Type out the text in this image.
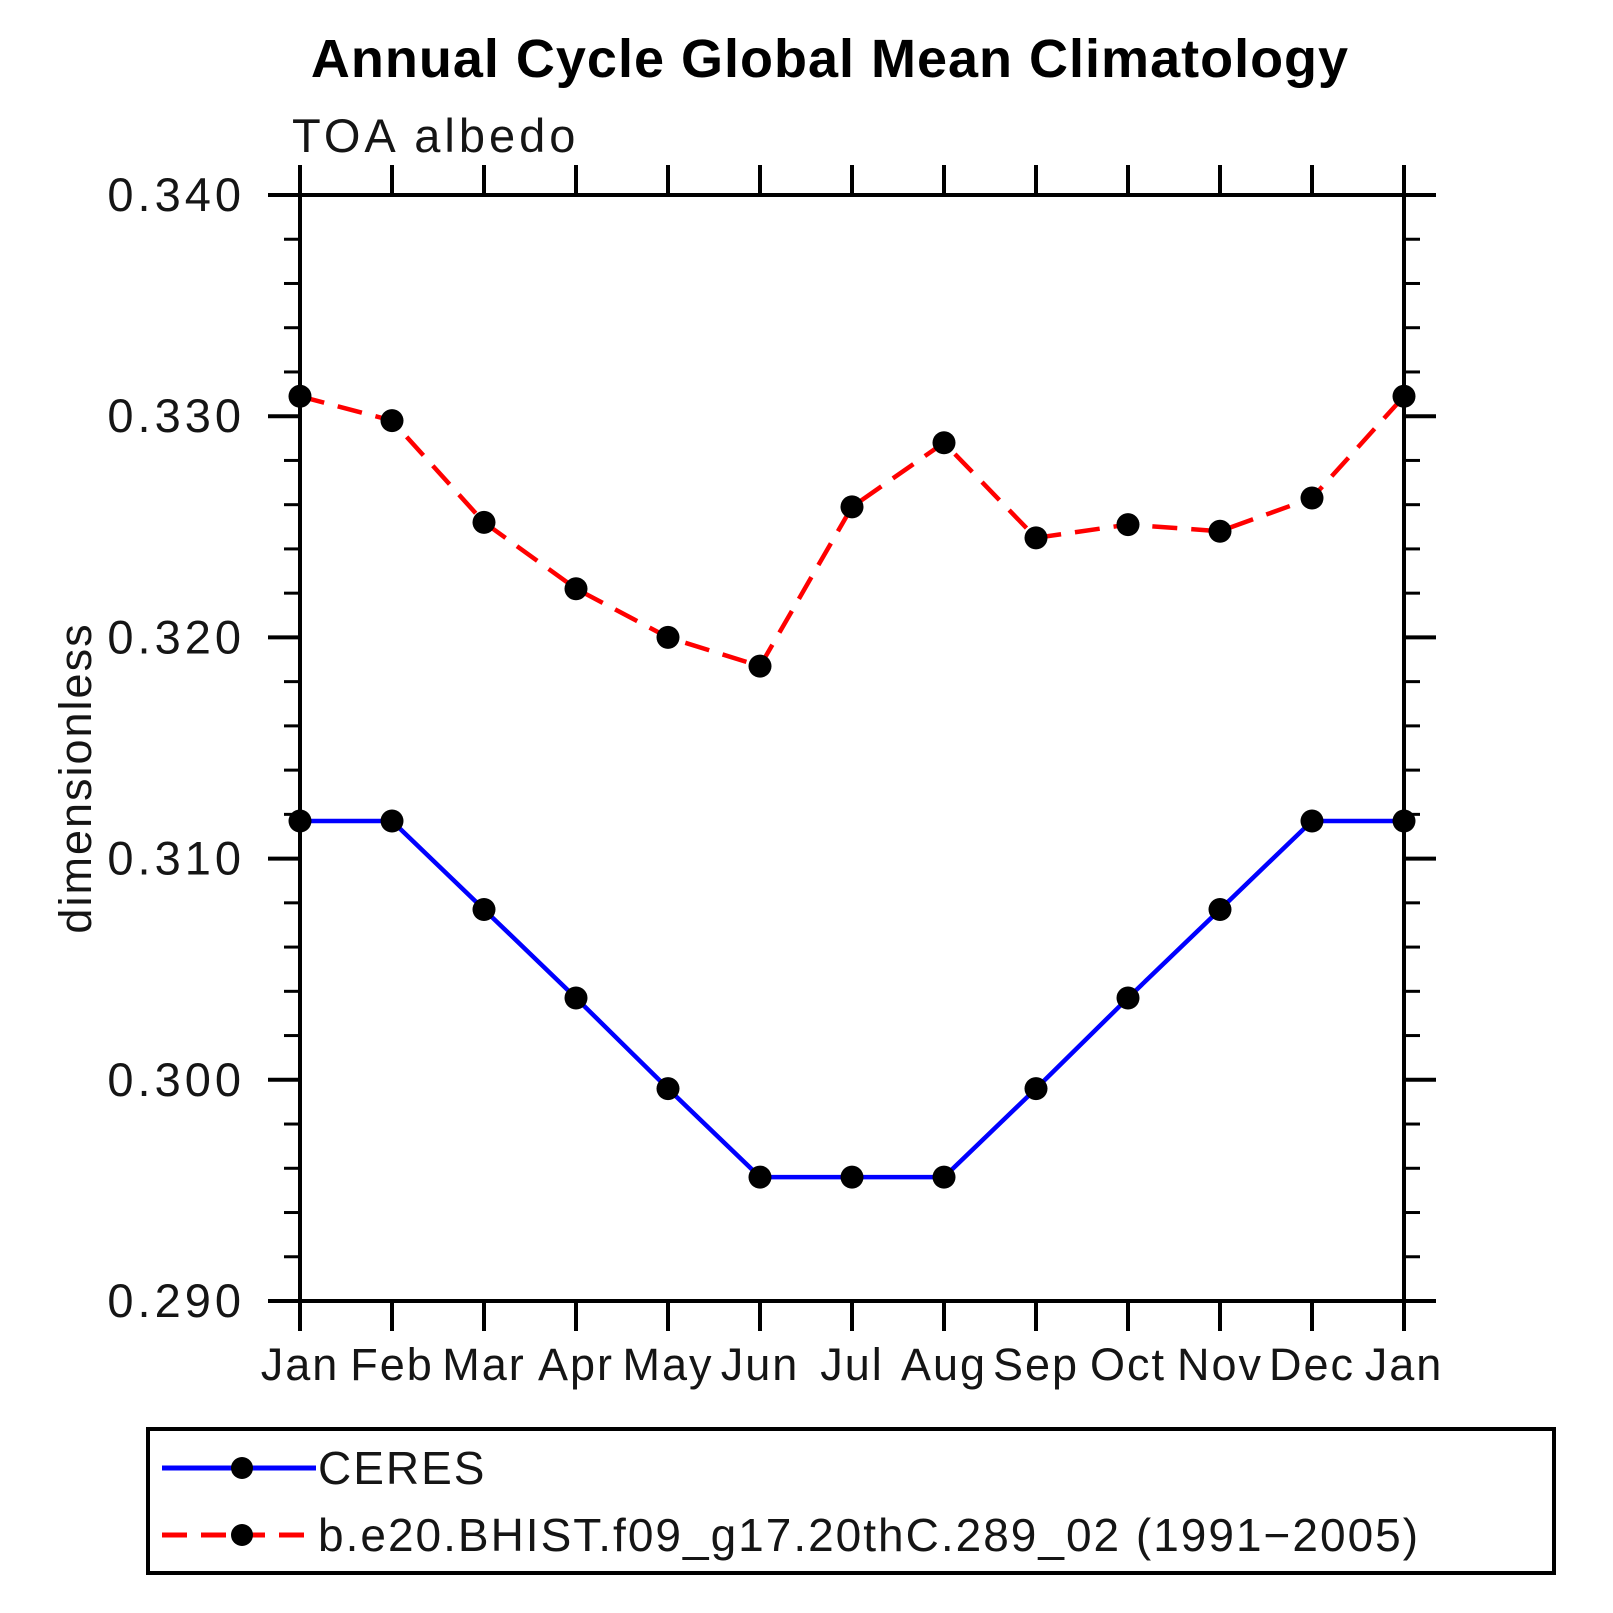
Annual Cycle Global Mean Climatology
TOA albedo
dimensionless
0.290
0.300
0.310
0.320
0.330
0.340
Jan Feb Mar Apr May Jun Jul Aug Sep Oct Nov Dec Jan
CERES
b.e20.BHIST.f09_g17.20thC.289_02 (1991−2005)
